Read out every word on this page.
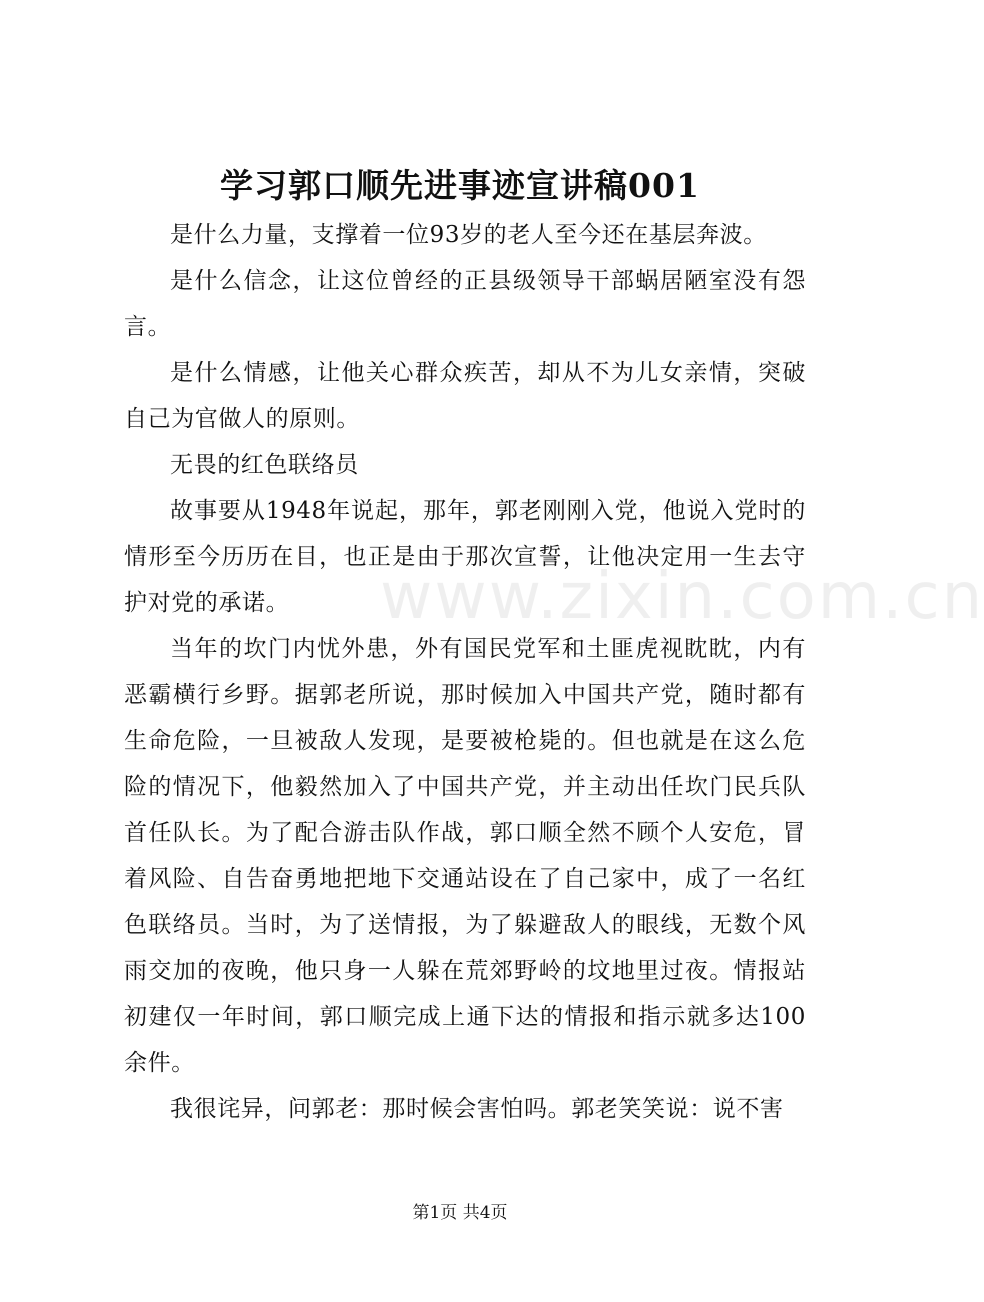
学习郭口顺先进事迹宣讲稿001

是什么力量，支撑着一位93岁的老人至今还在基层奔波。

是什么信念，让这位曾经的正县级领导干部蜗居陋室没有怨言。

是什么情感，让他关心群众疾苦，却从不为儿女亲情，突破自己为官做人的原则。

无畏的红色联络员

故事要从1948年说起，那年，郭老刚刚入党，他说入党时的情形至今历历在目，也正是由于那次宣誓，让他决定用一生去守护对党的承诺。

当年的坎门内忧外患，外有国民党军和土匪虎视眈眈，内有恶霸横行乡野。据郭老所说，那时候加入中国共产党，随时都有生命危险，一旦被敌人发现，是要被枪毙的。但也就是在这么危险的情况下，他毅然加入了中国共产党，并主动出任坎门民兵队首任队长。为了配合游击队作战，郭口顺全然不顾个人安危，冒着风险、自告奋勇地把地下交通站设在了自己家中，成了一名红色联络员。当时，为了送情报，为了躲避敌人的眼线，无数个风雨交加的夜晚，他只身一人躲在荒郊野岭的坟地里过夜。情报站初建仅一年时间，郭口顺完成上通下达的情报和指示就多达100余件。

我很诧异，问郭老：那时候会害怕吗。郭老笑笑说：说不害

www.zixin.com.cn
第1页 共4页
